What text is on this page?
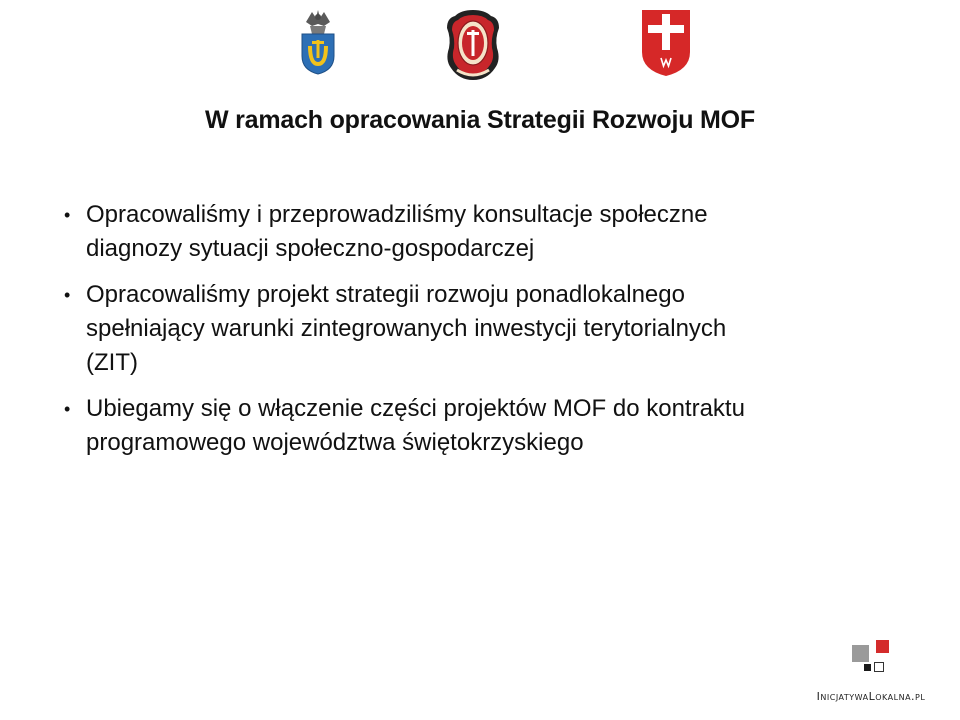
W ramach opracowania Strategii Rozwoju MOF
• Opracowaliśmy i przeprowadziliśmy konsultacje społeczne
diagnozy sytuacji społeczno-gospodarczej
• Opracowaliśmy projekt strategii rozwoju ponadlokalnego
spełniający warunki zintegrowanych inwestycji terytorialnych
(ZIT)
• Ubiegamy się o włączenie części projektów MOF do kontraktu
programowego województwa świętokrzyskiego
InicjatywaLokalna.pl
